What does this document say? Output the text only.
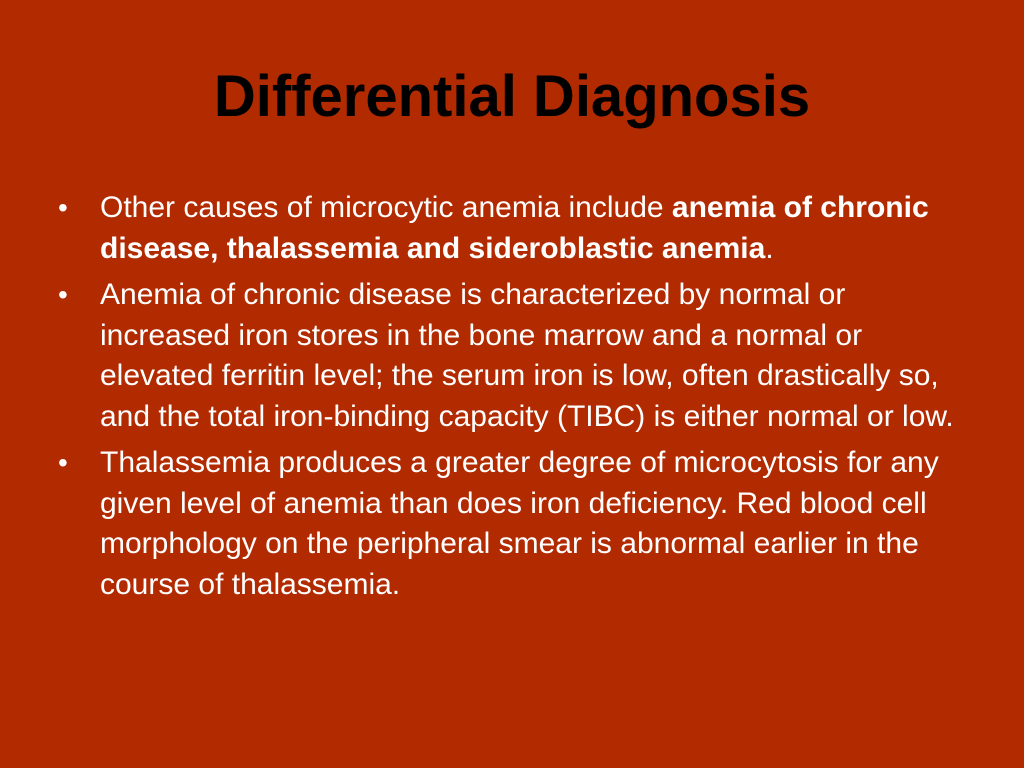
Differential Diagnosis
• Other causes of microcytic anemia include anemia of chronic disease, thalassemia and sideroblastic anemia.
• Anemia of chronic disease is characterized by normal or increased iron stores in the bone marrow and a normal or elevated ferritin level; the serum iron is low, often drastically so, and the total iron-binding capacity (TIBC) is either normal or low.
• Thalassemia produces a greater degree of microcytosis for any given level of anemia than does iron deficiency. Red blood cell morphology on the peripheral smear is abnormal earlier in the course of thalassemia.
